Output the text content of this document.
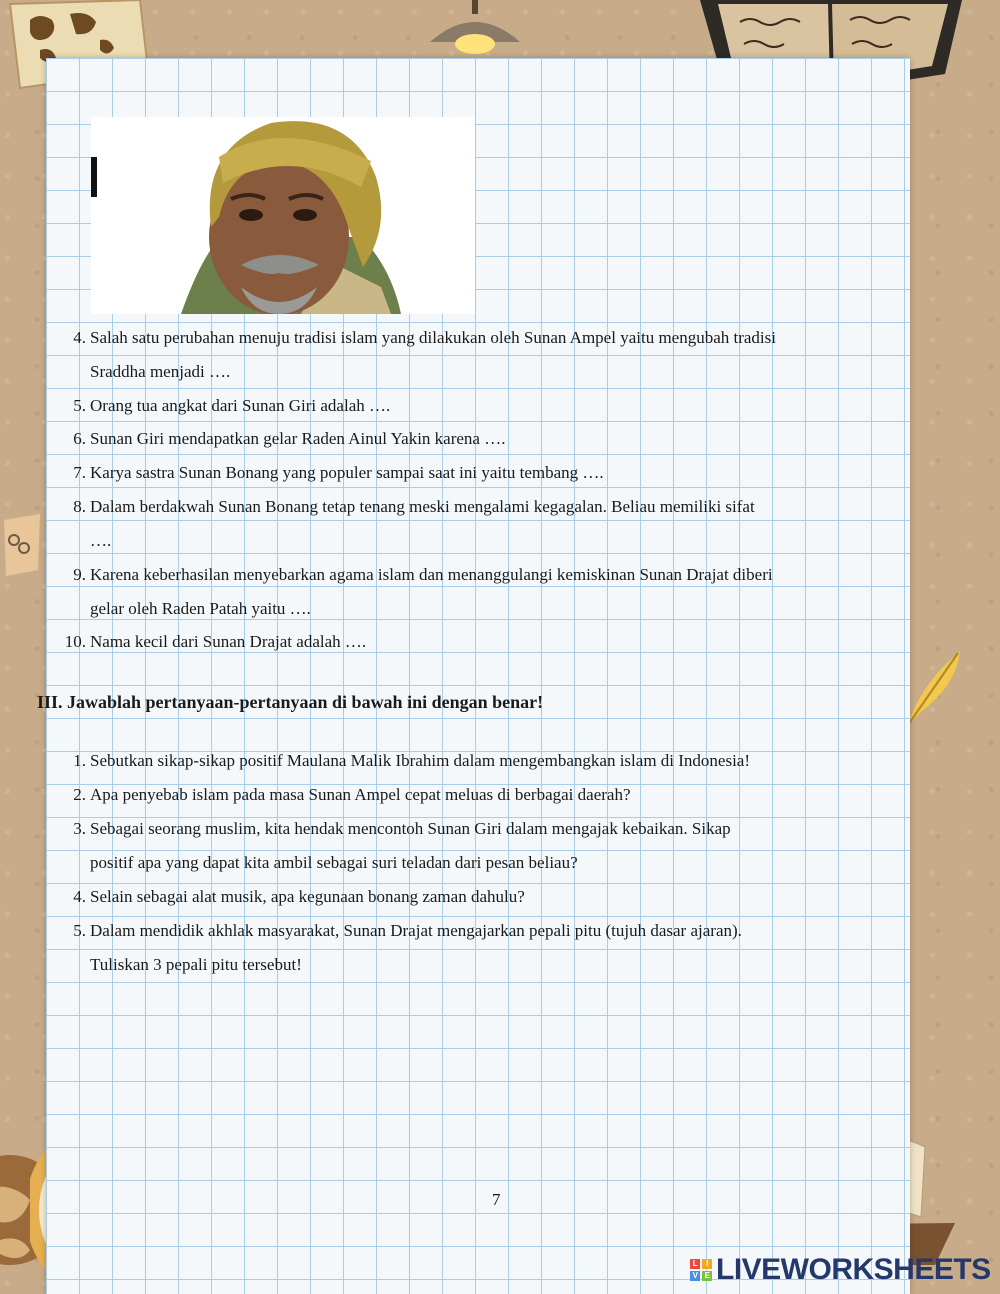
4. Salah satu perubahan menuju tradisi islam yang dilakukan oleh Sunan Ampel yaitu mengubah tradisi
Sraddha menjadi ….
5. Orang tua angkat dari Sunan Giri adalah ….
6. Sunan Giri mendapatkan gelar Raden Ainul Yakin karena ….
7. Karya sastra Sunan Bonang yang populer sampai saat ini yaitu tembang ….
8. Dalam berdakwah Sunan Bonang tetap tenang meski mengalami kegagalan. Beliau memiliki sifat
….
9. Karena keberhasilan menyebarkan agama islam dan menanggulangi kemiskinan Sunan Drajat diberi
gelar oleh Raden Patah yaitu ….
10. Nama kecil dari Sunan Drajat adalah ….
III. Jawablah pertanyaan-pertanyaan di bawah ini dengan benar!
1. Sebutkan sikap-sikap positif Maulana Malik Ibrahim dalam mengembangkan islam di Indonesia!
2. Apa penyebab islam pada masa Sunan Ampel cepat meluas di berbagai daerah?
3. Sebagai seorang muslim, kita hendak mencontoh Sunan Giri dalam mengajak kebaikan. Sikap
positif apa yang dapat kita ambil sebagai suri teladan dari pesan beliau?
4. Selain sebagai alat musik, apa kegunaan bonang zaman dahulu?
5. Dalam mendidik akhlak masyarakat, Sunan Drajat mengajarkan pepali pitu (tujuh dasar ajaran).
Tuliskan 3 pepali pitu tersebut!
7
L	I
V E LIVEWORKSHEETS
